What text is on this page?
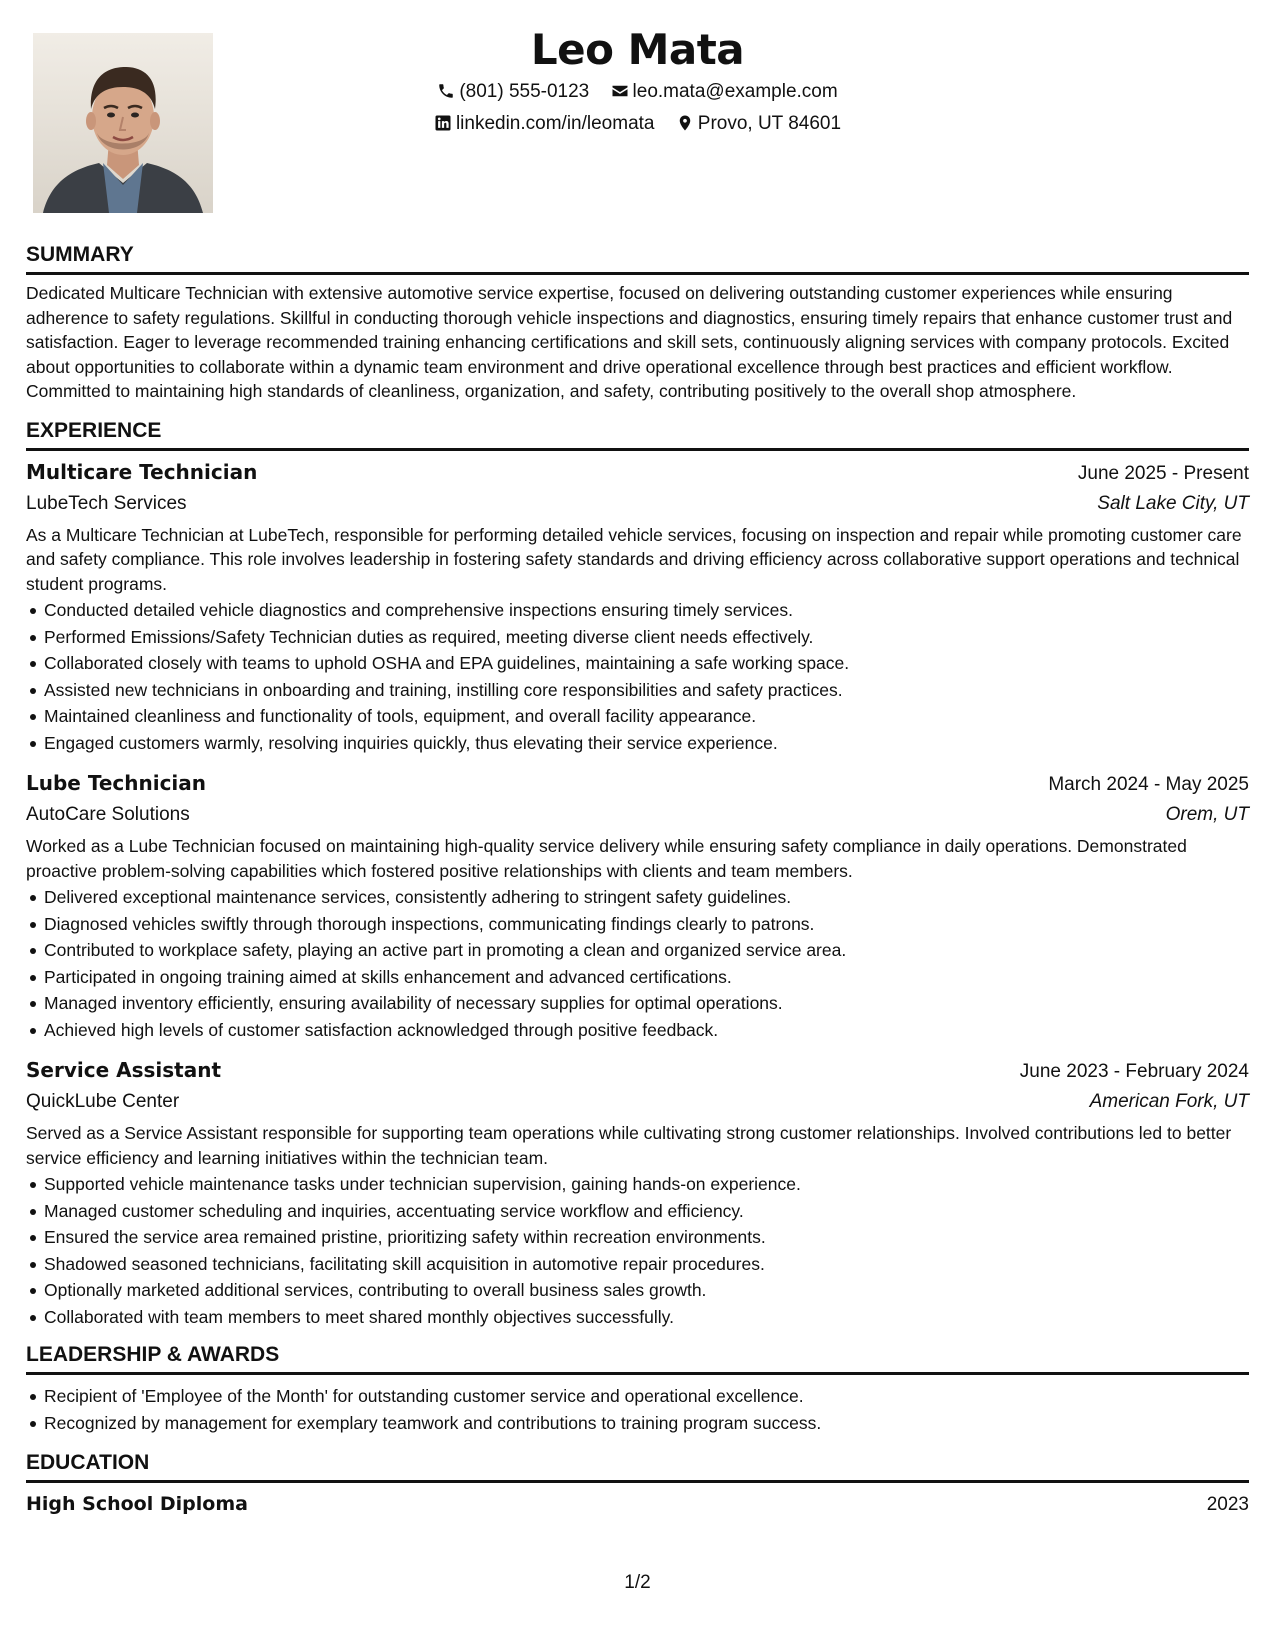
Leo Mata
(801) 555-0123 leo.mata@example.com
linkedin.com/in/leomata Provo, UT 84601
SUMMARY

Dedicated Multicare Technician with extensive automotive service expertise, focused on delivering outstanding customer experiences while ensuring adherence to safety regulations. Skillful in conducting thorough vehicle inspections and diagnostics, ensuring timely repairs that enhance customer trust and satisfaction. Eager to leverage recommended training enhancing certifications and skill sets, continuously aligning services with company protocols. Excited about opportunities to collaborate within a dynamic team environment and drive operational excellence through best practices and efficient workflow. Committed to maintaining high standards of cleanliness, organization, and safety, contributing positively to the overall shop atmosphere.

EXPERIENCE
Multicare Technician	June 2025 - Present
LubeTech Services	Salt Lake City, UT

As a Multicare Technician at LubeTech, responsible for performing detailed vehicle services, focusing on inspection and repair while promoting customer care and safety compliance. This role involves leadership in fostering safety standards and driving efficiency across collaborative support operations and technical student programs.

Conducted detailed vehicle diagnostics and comprehensive inspections ensuring timely services.
Performed Emissions/Safety Technician duties as required, meeting diverse client needs effectively.
Collaborated closely with teams to uphold OSHA and EPA guidelines, maintaining a safe working space.
Assisted new technicians in onboarding and training, instilling core responsibilities and safety practices.
Maintained cleanliness and functionality of tools, equipment, and overall facility appearance.
Engaged customers warmly, resolving inquiries quickly, thus elevating their service experience.
Lube Technician	March 2024 - May 2025
AutoCare Solutions	Orem, UT

Worked as a Lube Technician focused on maintaining high-quality service delivery while ensuring safety compliance in daily operations. Demonstrated proactive problem-solving capabilities which fostered positive relationships with clients and team members.

Delivered exceptional maintenance services, consistently adhering to stringent safety guidelines.
Diagnosed vehicles swiftly through thorough inspections, communicating findings clearly to patrons.
Contributed to workplace safety, playing an active part in promoting a clean and organized service area.
Participated in ongoing training aimed at skills enhancement and advanced certifications.
Managed inventory efficiently, ensuring availability of necessary supplies for optimal operations.
Achieved high levels of customer satisfaction acknowledged through positive feedback.
Service Assistant	June 2023 - February 2024
QuickLube Center	American Fork, UT

Served as a Service Assistant responsible for supporting team operations while cultivating strong customer relationships. Involved contributions led to better service efficiency and learning initiatives within the technician team.

Supported vehicle maintenance tasks under technician supervision, gaining hands-on experience.
Managed customer scheduling and inquiries, accentuating service workflow and efficiency.
Ensured the service area remained pristine, prioritizing safety within recreation environments.
Shadowed seasoned technicians, facilitating skill acquisition in automotive repair procedures.
Optionally marketed additional services, contributing to overall business sales growth.
Collaborated with team members to meet shared monthly objectives successfully.
LEADERSHIP & AWARDS
Recipient of 'Employee of the Month' for outstanding customer service and operational excellence.
Recognized by management for exemplary teamwork and contributions to training program success.
EDUCATION
High School Diploma	2023
1/2
